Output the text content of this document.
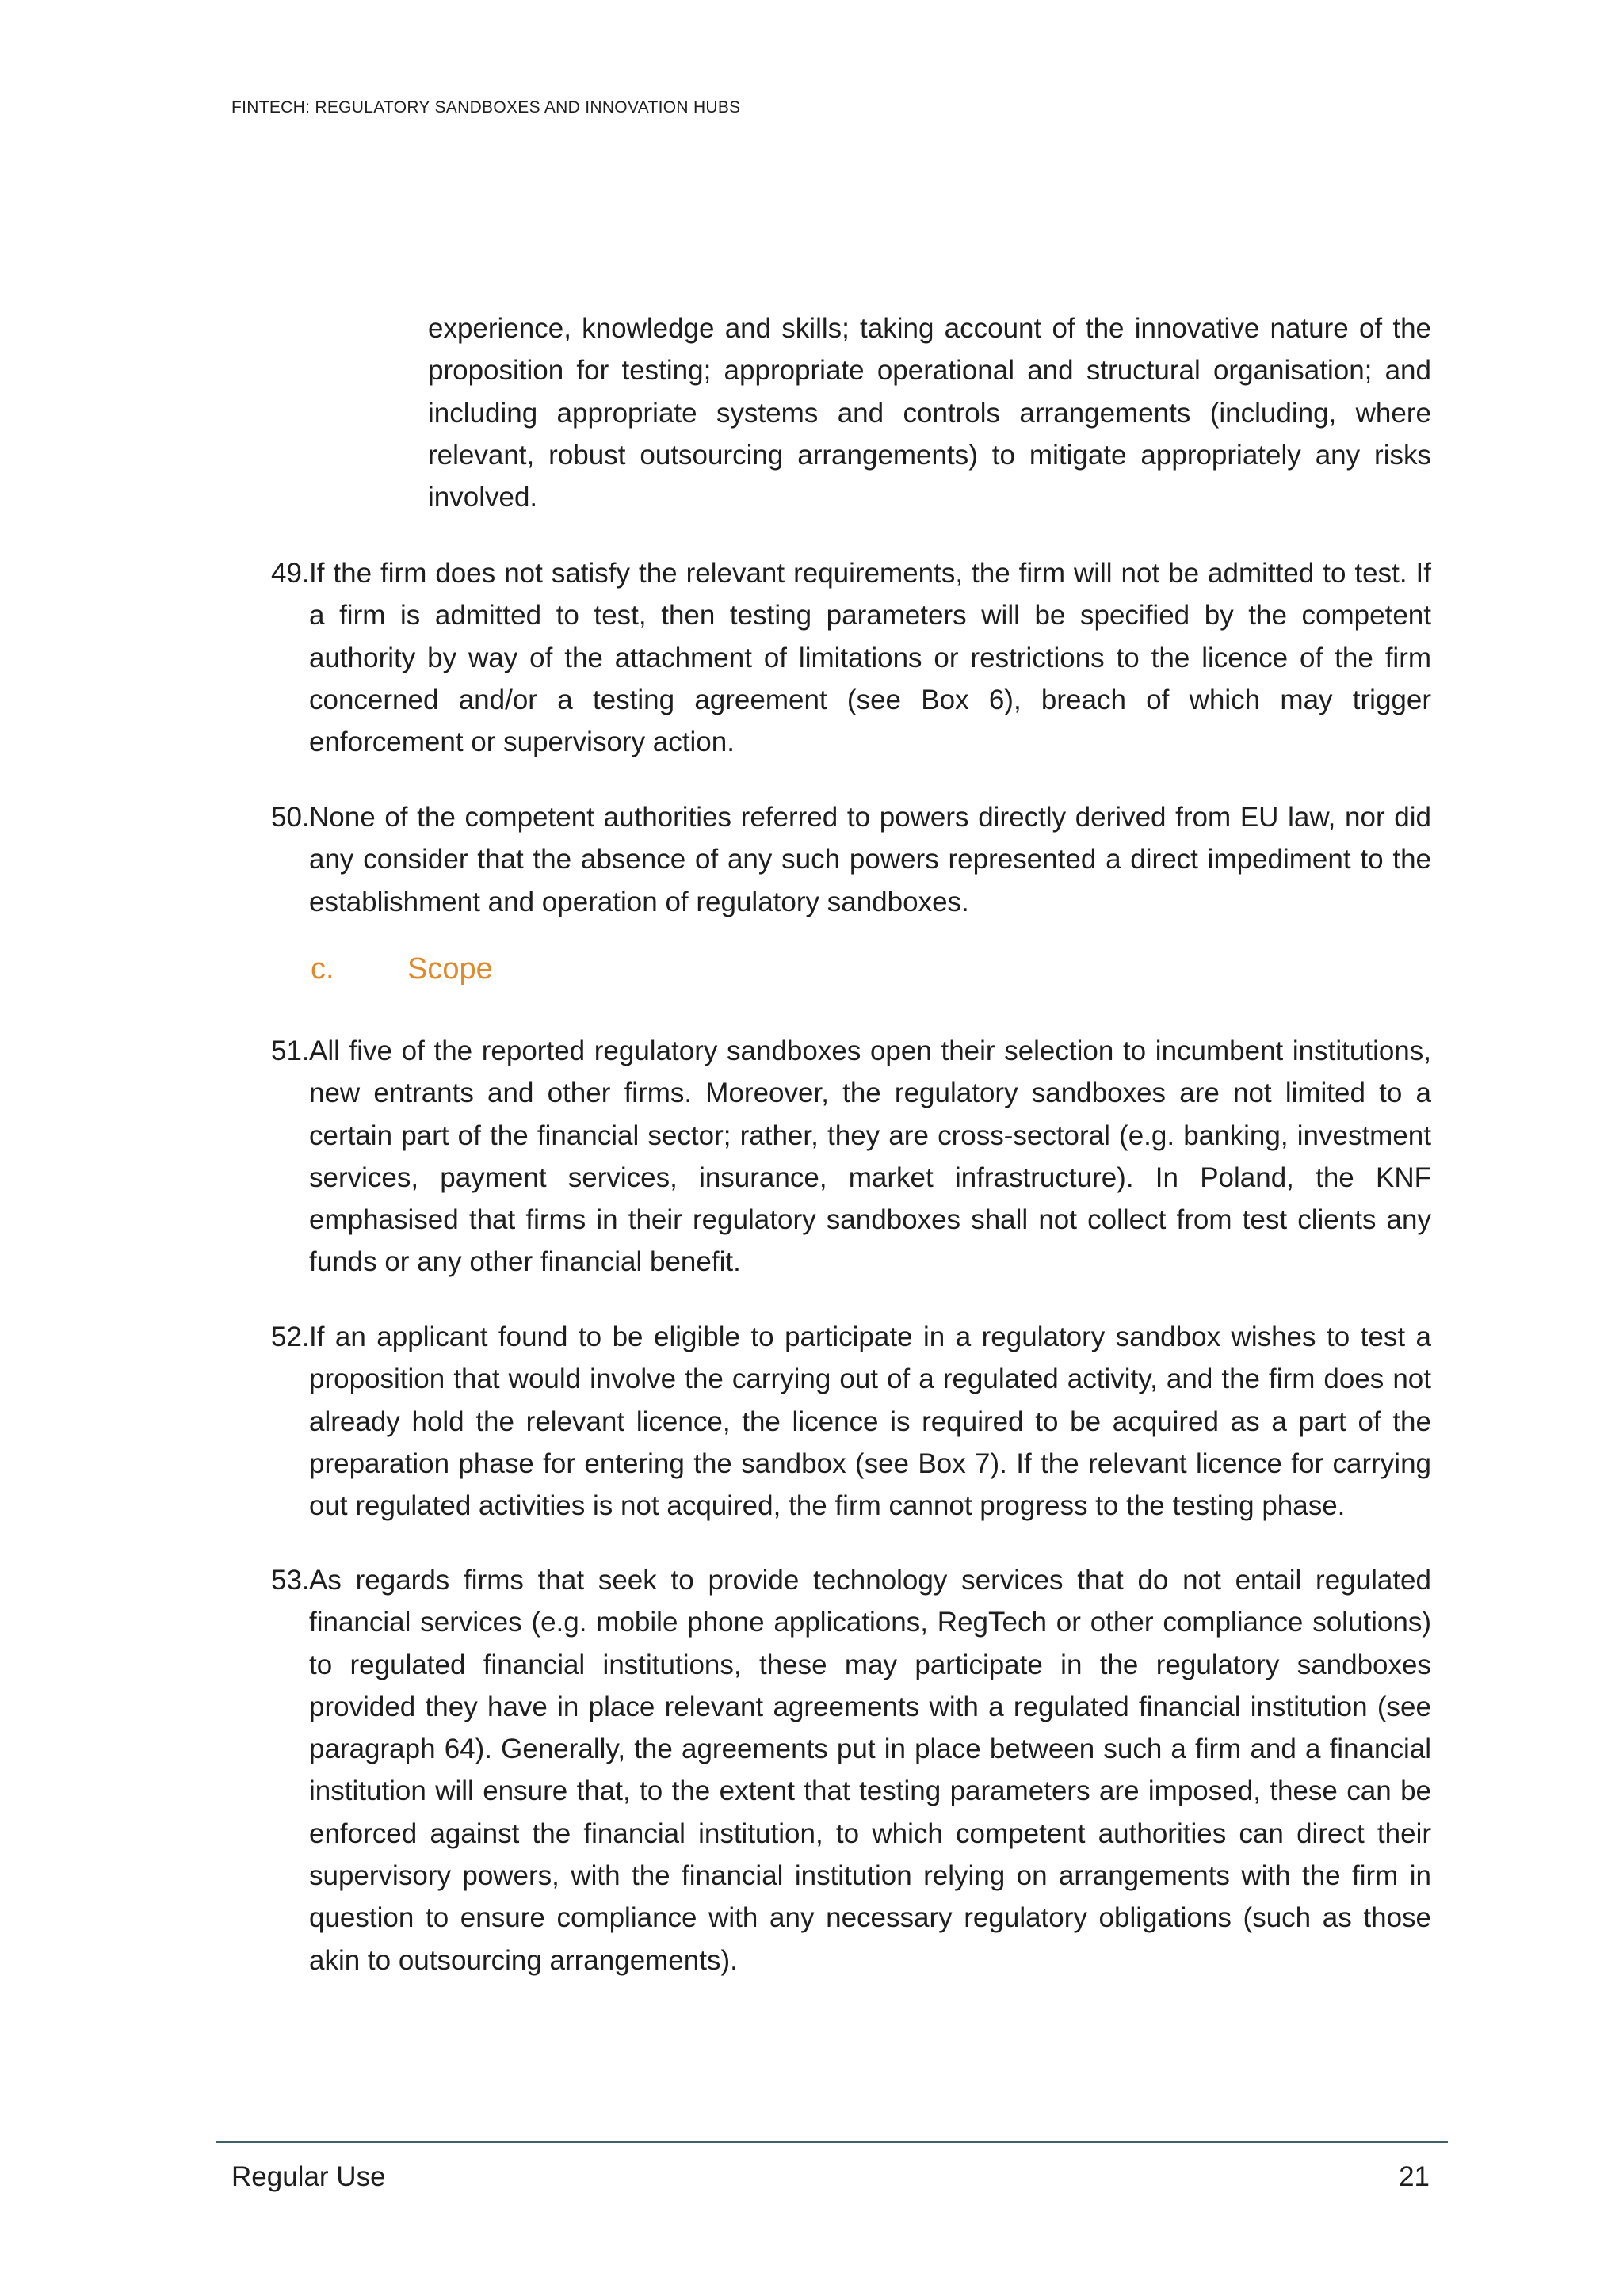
FINTECH: REGULATORY SANDBOXES AND INNOVATION HUBS

experience, knowledge and skills; taking account of the innovative nature of the proposition for testing; appropriate operational and structural organisation; and including appropriate systems and controls arrangements (including, where relevant, robust outsourcing arrangements) to mitigate appropriately any risks involved.

49. If the firm does not satisfy the relevant requirements, the firm will not be admitted to test. If a firm is admitted to test, then testing parameters will be specified by the competent authority by way of the attachment of limitations or restrictions to the licence of the firm concerned and/or a testing agreement (see Box 6), breach of which may trigger enforcement or supervisory action.
50. None of the competent authorities referred to powers directly derived from EU law, nor did any consider that the absence of any such powers represented a direct impediment to the establishment and operation of regulatory sandboxes.
c. Scope
51. All five of the reported regulatory sandboxes open their selection to incumbent institutions, new entrants and other firms. Moreover, the regulatory sandboxes are not limited to a certain part of the financial sector; rather, they are cross-sectoral (e.g. banking, investment services, payment services, insurance, market infrastructure). In Poland, the KNF emphasised that firms in their regulatory sandboxes shall not collect from test clients any funds or any other financial benefit.
52. If an applicant found to be eligible to participate in a regulatory sandbox wishes to test a proposition that would involve the carrying out of a regulated activity, and the firm does not already hold the relevant licence, the licence is required to be acquired as a part of the preparation phase for entering the sandbox (see Box 7). If the relevant licence for carrying out regulated activities is not acquired, the firm cannot progress to the testing phase.
53. As regards firms that seek to provide technology services that do not entail regulated financial services (e.g. mobile phone applications, RegTech or other compliance solutions) to regulated financial institutions, these may participate in the regulatory sandboxes provided they have in place relevant agreements with a regulated financial institution (see paragraph 64). Generally, the agreements put in place between such a firm and a financial institution will ensure that, to the extent that testing parameters are imposed, these can be enforced against the financial institution, to which competent authorities can direct their supervisory powers, with the financial institution relying on arrangements with the firm in question to ensure compliance with any necessary regulatory obligations (such as those akin to outsourcing arrangements).
Regular Use	21
